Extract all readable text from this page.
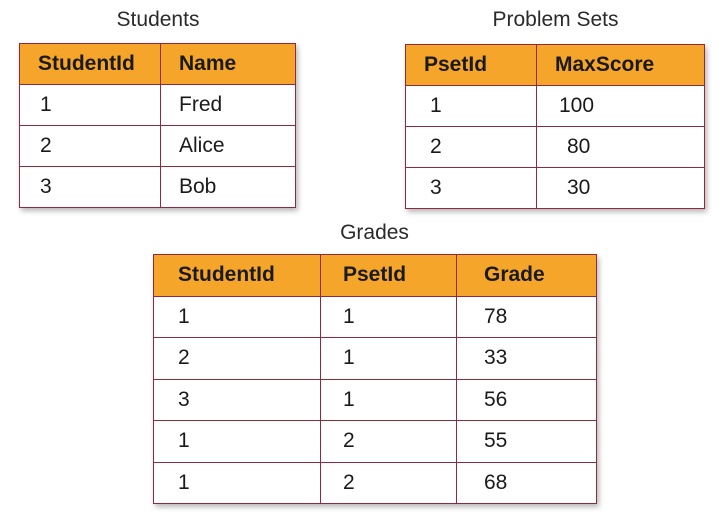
Students
StudentId	Name
1	Fred
2	Alice
3	Bob
Problem Sets
PsetId	MaxScore
1	100
2	80
3	30
Grades
StudentId	PsetId	Grade
1	1	78
2	1	33
3	1	56
1	2	55
1	2	68
